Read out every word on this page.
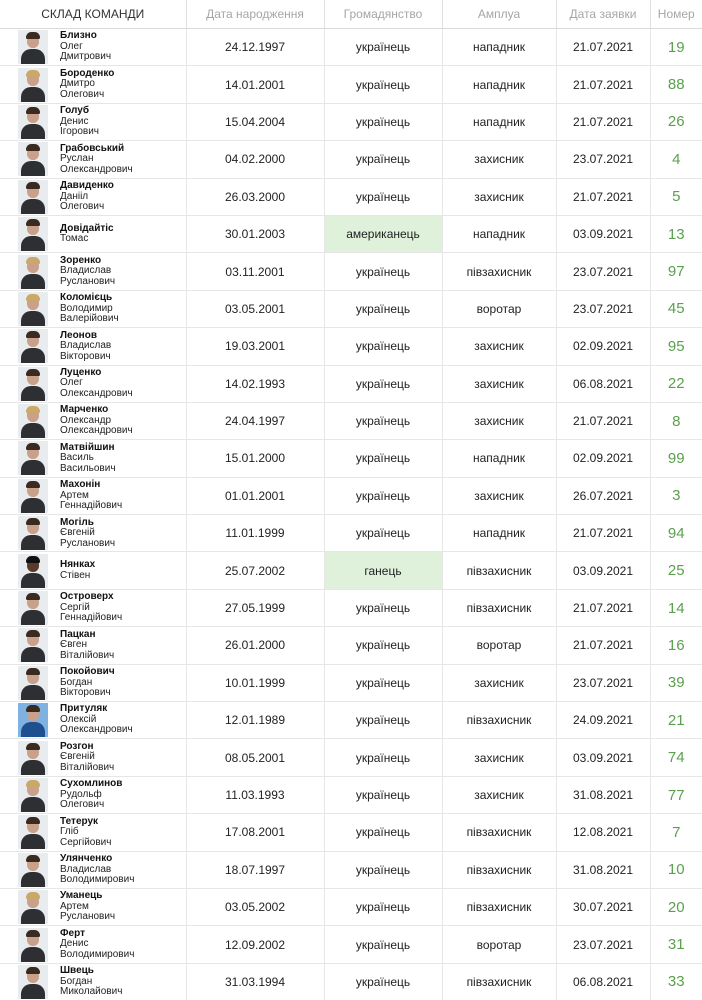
СКЛАД КОМАНДИ	Дата народження	Громадянство	Амплуа	Дата заявки	Номер

Близно
Олег
Дмитрович	24.12.1997	українець	нападник	21.07.2021	19

Бороденко
Дмитро
Олегович	14.01.2001	українець	нападник	21.07.2021	88

Голуб
Денис
Ігорович	15.04.2004	українець	нападник	21.07.2021	26

Грабовський
Руслан
Олександрович	04.02.2000	українець	захисник	23.07.2021	4

Давиденко
Данііл
Олегович	26.03.2000	українець	захисник	21.07.2021	5

Довідайтіс
Томас	30.01.2003	американець	нападник	03.09.2021	13

Зоренко
Владислав
Русланович	03.11.2001	українець	півзахисник	23.07.2021	97

Коломієць
Володимир
Валерійович	03.05.2001	українець	воротар	23.07.2021	45

Леонов
Владислав
Вікторович	19.03.2001	українець	захисник	02.09.2021	95

Луценко
Олег
Олександрович	14.02.1993	українець	захисник	06.08.2021	22

Марченко
Олександр
Олександрович	24.04.1997	українець	захисник	21.07.2021	8

Матвійшин
Василь
Васильович	15.01.2000	українець	нападник	02.09.2021	99

Махонін
Артем
Геннадійович	01.01.2001	українець	захисник	26.07.2021	3

Могіль
Євгеній
Русланович	11.01.1999	українець	нападник	21.07.2021	94

Нянках
Стівен	25.07.2002	ганець	півзахисник	03.09.2021	25

Островерх
Сергій
Геннадійович	27.05.1999	українець	півзахисник	21.07.2021	14

Пацкан
Євген
Віталійович	26.01.2000	українець	воротар	21.07.2021	16

Покойович
Богдан
Вікторович	10.01.1999	українець	захисник	23.07.2021	39

Притуляк
Олексій
Олександрович	12.01.1989	українець	півзахисник	24.09.2021	21

Розгон
Євгеній
Віталійович	08.05.2001	українець	захисник	03.09.2021	74

Сухомлинов
Рудольф
Олегович	11.03.1993	українець	захисник	31.08.2021	77

Тетерук
Гліб
Сергійович	17.08.2001	українець	півзахисник	12.08.2021	7

Улянченко
Владислав
Володимирович	18.07.1997	українець	півзахисник	31.08.2021	10

Уманець
Артем
Русланович	03.05.2002	українець	півзахисник	30.07.2021	20

Ферт
Денис
Володимирович	12.09.2002	українець	воротар	23.07.2021	31

Швець
Богдан
Миколайович	31.03.1994	українець	півзахисник	06.08.2021	33
